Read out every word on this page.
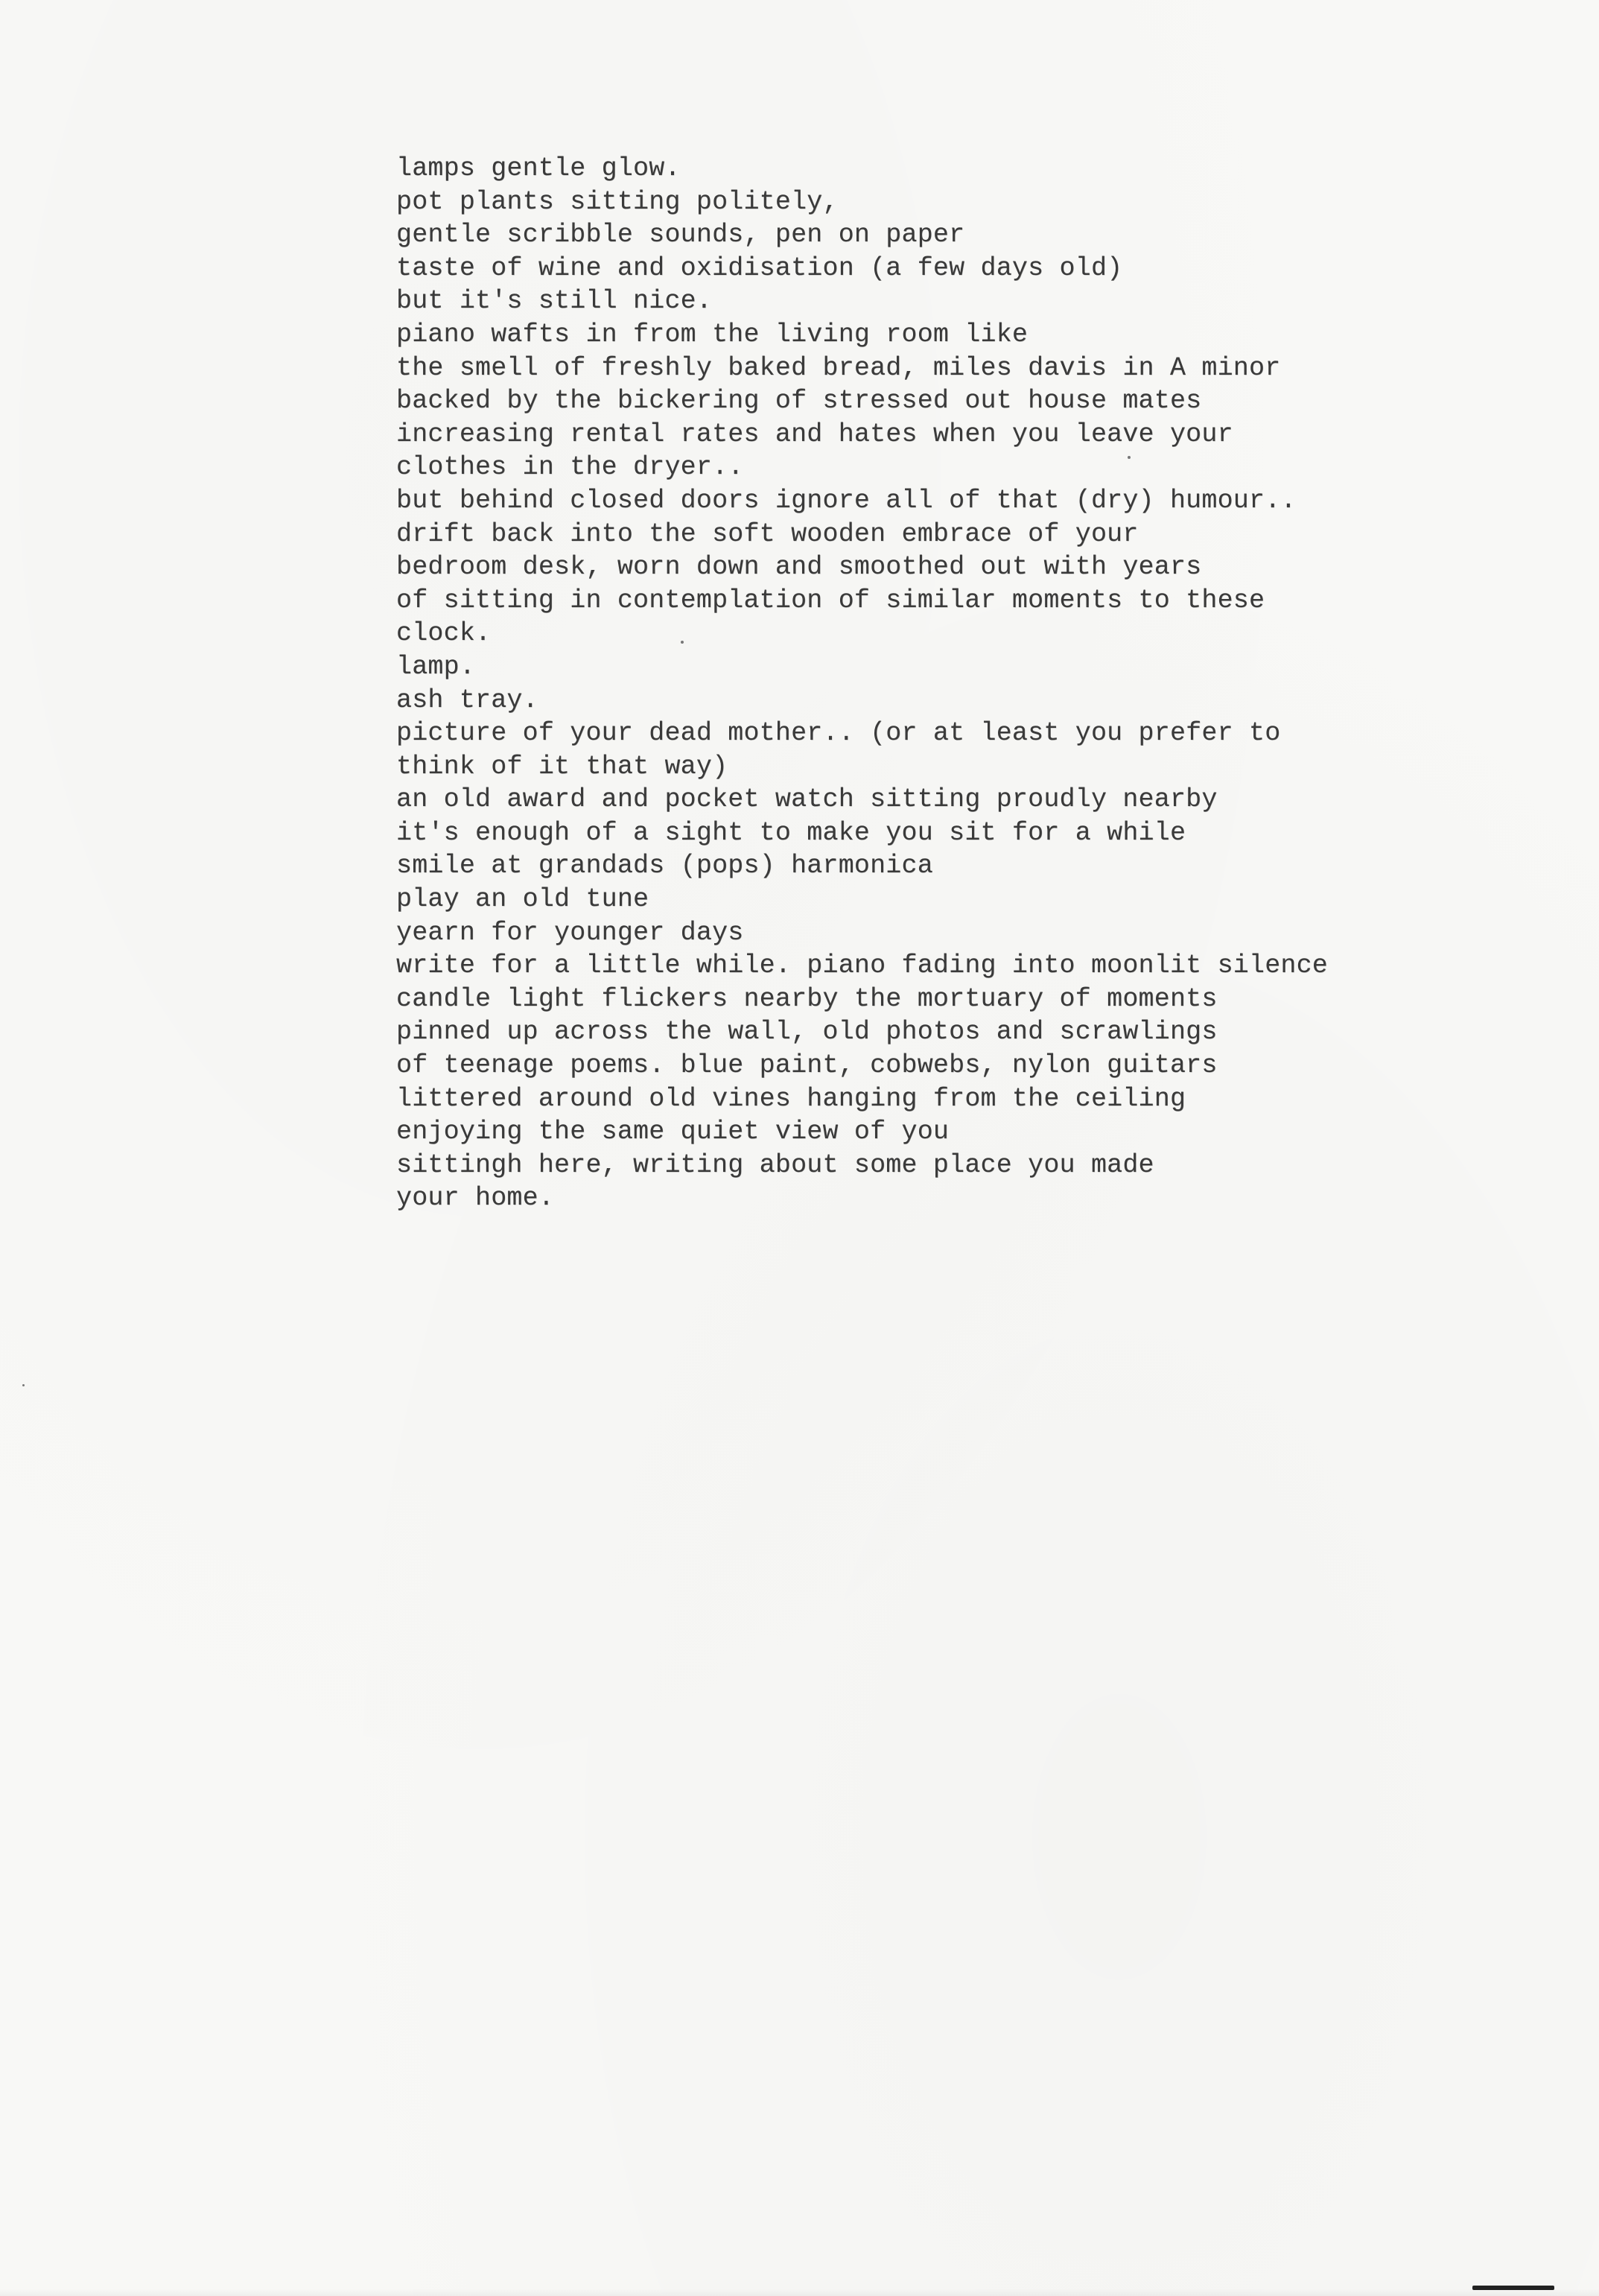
lamps gentle glow.
pot plants sitting politely,
gentle scribble sounds, pen on paper
taste of wine and oxidisation (a few days old)
but it's still nice.
piano wafts in from the living room like
the smell of freshly baked bread, miles davis in A minor
backed by the bickering of stressed out house mates
increasing rental rates and hates when you leave your
clothes in the dryer..
but behind closed doors ignore all of that (dry) humour..
drift back into the soft wooden embrace of your
bedroom desk, worn down and smoothed out with years
of sitting in contemplation of similar moments to these
clock.
lamp.
ash tray.
picture of your dead mother.. (or at least you prefer to
think of it that way)
an old award and pocket watch sitting proudly nearby
it's enough of a sight to make you sit for a while
smile at grandads (pops) harmonica
play an old tune
yearn for younger days
write for a little while. piano fading into moonlit silence
candle light flickers nearby the mortuary of moments
pinned up across the wall, old photos and scrawlings
of teenage poems. blue paint, cobwebs, nylon guitars
littered around old vines hanging from the ceiling
enjoying the same quiet view of you
sittingh here, writing about some place you made
your home.
